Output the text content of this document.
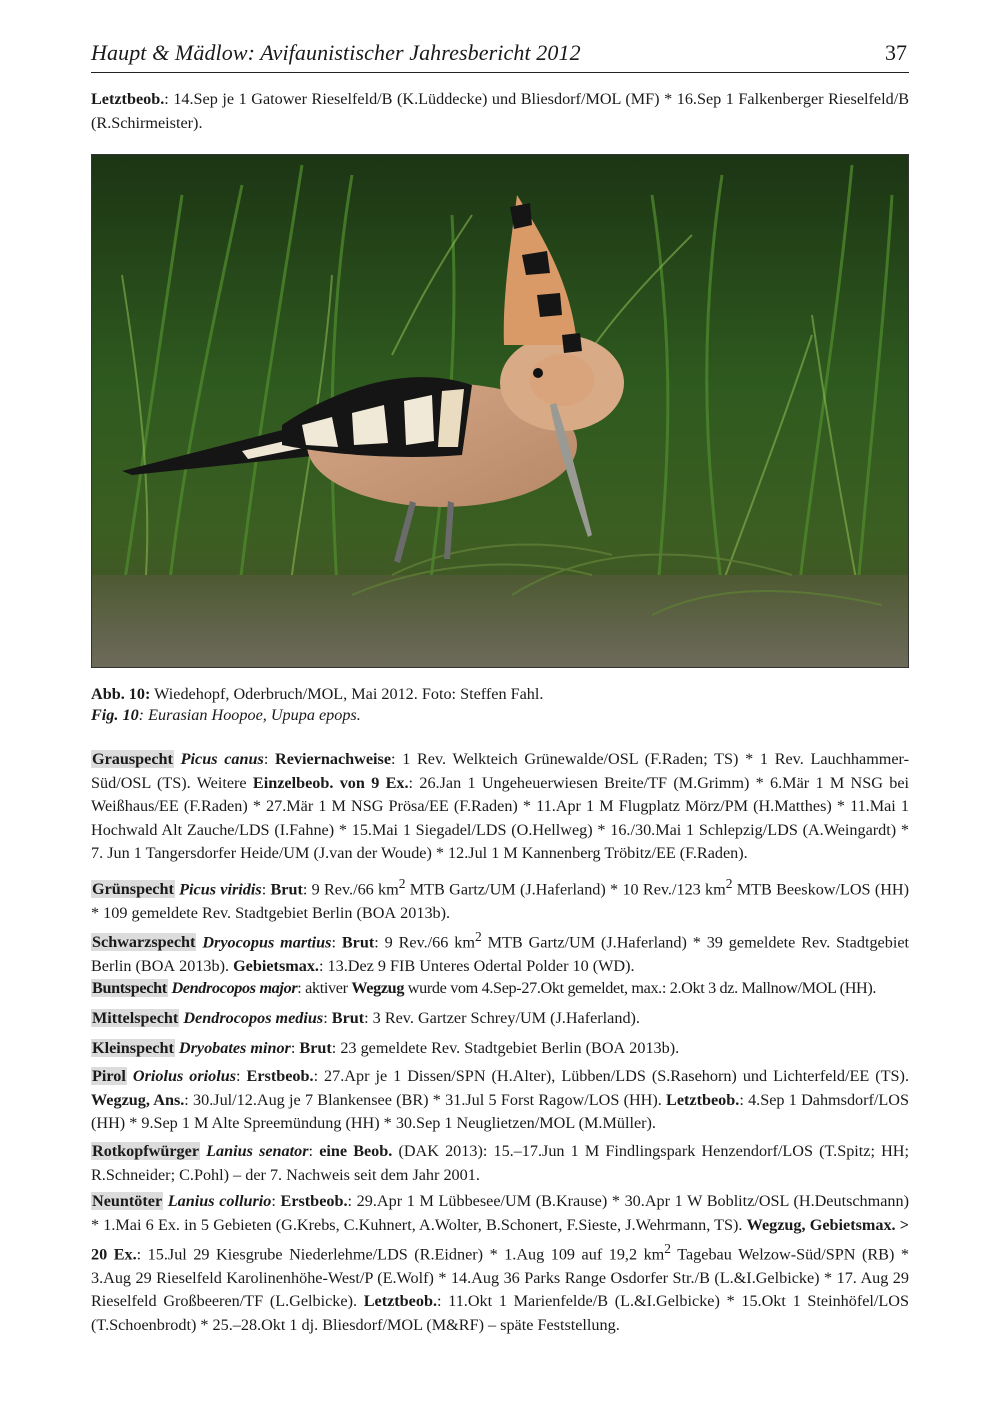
Haupt & Mädlow: Avifaunistischer Jahresbericht 2012	37

Letztbeob.: 14.Sep je 1 Gatower Rieselfeld/B (K.Lüddecke) und Bliesdorf/MOL (MF) * 16.Sep 1 Falkenberger Rieselfeld/B (R.Schirmeister).

Abb. 10: Wiedehopf, Oderbruch/MOL, Mai 2012. Foto: Steffen Fahl.
Fig. 10: Eurasian Hoopoe, Upupa epops.

Grauspecht Picus canus: Reviernachweise: 1 Rev. Welkteich Grünewalde/OSL (F.Raden; TS) * 1 Rev. Lauchhammer-Süd/OSL (TS). Weitere Einzelbeob. von 9 Ex.: 26.Jan 1 Ungeheuerwiesen Breite/TF (M.Grimm) * 6.Mär 1 M NSG bei Weißhaus/EE (F.Raden) * 27.Mär 1 M NSG Prösa/EE (F.Raden) * 11.Apr 1 M Flugplatz Mörz/PM (H.Matthes) * 11.Mai 1 Hochwald Alt Zauche/LDS (I.Fahne) * 15.Mai 1 Siegadel/LDS (O.Hellweg) * 16./30.Mai 1 Schlepzig/LDS (A.Weingardt) * 7. Jun 1 Tangersdorfer Heide/UM (J.van der Woude) * 12.Jul 1 M Kannenberg Tröbitz/EE (F.Raden).

Grünspecht Picus viridis: Brut: 9 Rev./66 $km^2$ MTB Gartz/UM (J.Haferland) * 10 Rev./123 $km^2$ MTB Beeskow/LOS (HH) * 109 gemeldete Rev. Stadtgebiet Berlin (BOA 2013b).

Schwarzspecht Dryocopus martius: Brut: 9 Rev./66 $km^2$ MTB Gartz/UM (J.Haferland) * 39 gemeldete Rev. Stadtgebiet Berlin (BOA 2013b). Gebietsmax.: 13.Dez 9 FIB Unteres Odertal Polder 10 (WD).

Buntspecht Dendrocopos major: aktiver Wegzug wurde vom 4.Sep-27.Okt gemeldet, max.: 2.Okt 3 dz. Mallnow/MOL (HH).

Mittelspecht Dendrocopos medius: Brut: 3 Rev. Gartzer Schrey/UM (J.Haferland).

Kleinspecht Dryobates minor: Brut: 23 gemeldete Rev. Stadtgebiet Berlin (BOA 2013b).

Pirol Oriolus oriolus: Erstbeob.: 27.Apr je 1 Dissen/SPN (H.Alter), Lübben/LDS (S.Rasehorn) und Lichterfeld/EE (TS). Wegzug, Ans.: 30.Jul/12.Aug je 7 Blankensee (BR) * 31.Jul 5 Forst Ragow/LOS (HH). Letztbeob.: 4.Sep 1 Dahmsdorf/LOS (HH) * 9.Sep 1 M Alte Spreemündung (HH) * 30.Sep 1 Neuglietzen/MOL (M.Müller).

Rotkopfwürger Lanius senator: eine Beob. (DAK 2013): 15.–17.Jun 1 M Findlingspark Henzendorf/LOS (T.Spitz; HH; R.Schneider; C.Pohl) – der 7. Nachweis seit dem Jahr 2001.

Neuntöter Lanius collurio: Erstbeob.: 29.Apr 1 M Lübbesee/UM (B.Krause) * 30.Apr 1 W Boblitz/OSL (H.Deutschmann) * 1.Mai 6 Ex. in 5 Gebieten (G.Krebs, C.Kuhnert, A.Wolter, B.Schonert, F.Sieste, J.Wehrmann, TS). Wegzug, Gebietsmax. > 20 Ex.: 15.Jul 29 Kiesgrube Niederlehme/LDS (R.Eidner) * 1.Aug 109 auf 19,2 $km^2$ Tagebau Welzow-Süd/SPN (RB) * 3.Aug 29 Rieselfeld Karolinenhöhe-West/P (E.Wolf) * 14.Aug 36 Parks Range Osdorfer Str./B (L.&I.Gelbicke) * 17. Aug 29 Rieselfeld Großbeeren/TF (L.Gelbicke). Letztbeob.: 11.Okt 1 Marienfelde/B (L.&I.Gelbicke) * 15.Okt 1 Steinhöfel/LOS (T.Schoenbrodt) * 25.–28.Okt 1 dj. Bliesdorf/MOL (M&RF) – späte Feststellung.
